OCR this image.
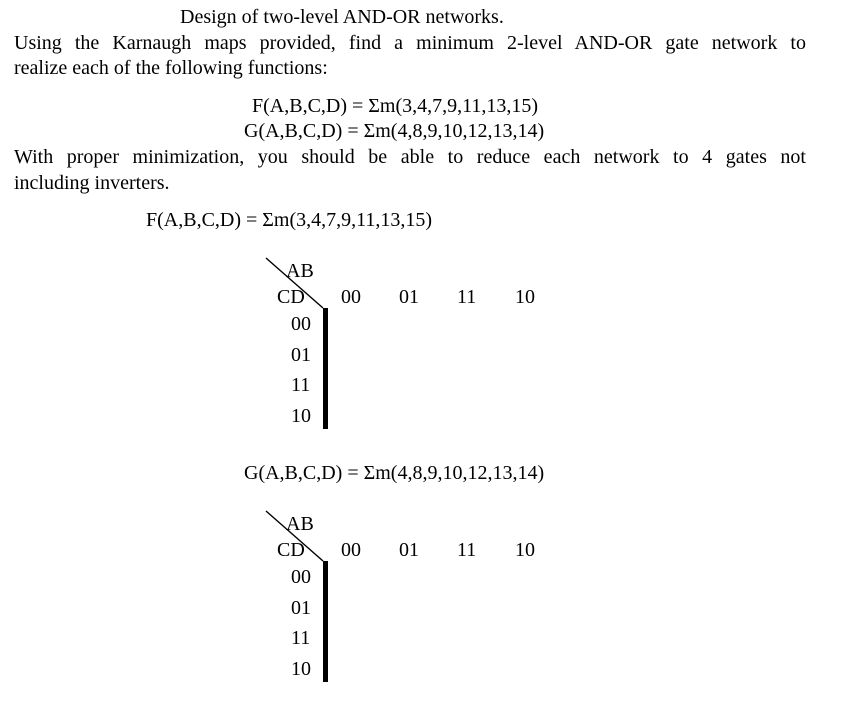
Design of two-level AND-OR networks.
Using the Karnaugh maps provided, find a minimum 2-level AND-OR gate network to
realize each of the following functions:
F(A,B,C,D) = Σm(3,4,7,9,11,13,15)
G(A,B,C,D) = Σm(4,8,9,10,12,13,14)
With proper minimization, you should be able to reduce each network to 4 gates not
including inverters.
F(A,B,C,D) = Σm(3,4,7,9,11,13,15)
AB
CD 00 01 11 10
00
01
11
10

G(A,B,C,D) = Σm(4,8,9,10,12,13,14)
AB
CD 00 01 11 10
00
01
11
10
